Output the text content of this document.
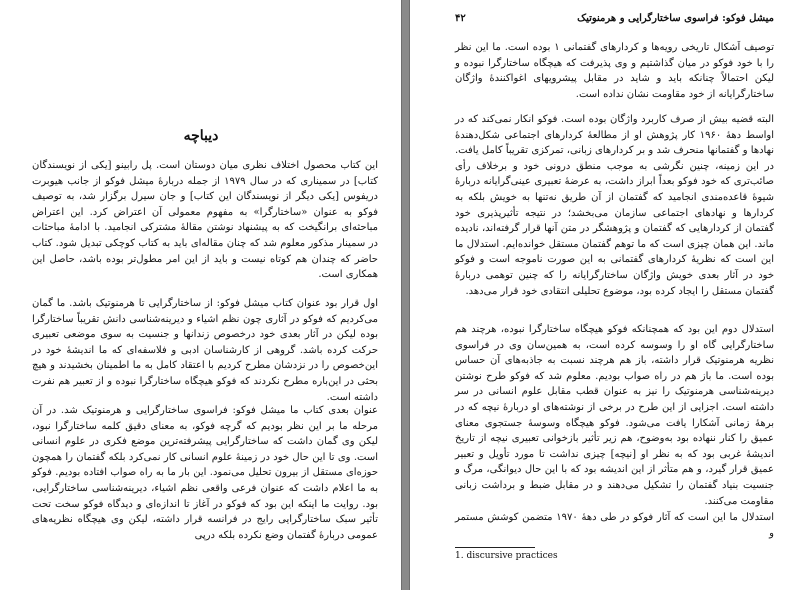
دیباچه
این کتاب محصول اختلاف نظری میان دوستان است. پل رابینو [یکی از نویسندگان کتاب] در سمیناری که در سال ۱۹۷۹ از جمله دربارهٔ میشل فوکو از جانب هیوبرت دریفوس [یکی دیگر از نویسندگان این کتاب] و جان سیرل برگزار شد، به توصیف فوکو به عنوان «ساختارگرا» به مفهوم معمولی آن اعتراض کرد. این اعتراض مباحثه‌ای برانگیخت که به پیشنهاد نوشتن مقالهٔ مشترکی انجامید. با ادامهٔ مباحثات در سمینار مذکور معلوم شد که چنان مقاله‌ای باید به کتاب کوچکی تبدیل شود. کتاب حاضر که چندان هم کوتاه نیست و باید از این امر مطول‌تر بوده باشد، حاصل این همکاری است.
اول قرار بود عنوان کتاب میشل فوکو: از ساختارگرایی تا هرمنوتیک باشد. ما گمان می‌کردیم که فوکو در آثاری چون نظم اشیاء و دیرینه‌شناسی دانش تقریباً ساختارگرا بوده لیکن در آثار بعدی خود درخصوص زندانها و جنسیت به سوی موضعی تعبیری حرکت کرده باشد. گروهی از کارشناسان ادبی و فلاسفه‌ای که ما اندیشهٔ خود در این‌خصوص را در نزدشان مطرح کردیم با اعتقاد کامل به ما اطمینان بخشیدند و هیچ بحثی در این‌باره مطرح نکردند که فوکو هیچگاه ساختارگرا نبوده و از تعبیر هم نفرت داشته است.
عنوان بعدی کتاب ما میشل فوکو: فراسوی ساختارگرایی و هرمنوتیک شد. در آن مرحله ما بر این نظر بودیم که گرچه فوکو، به معنای دقیق کلمه ساختارگرا نبود، لیکن وی گمان داشت که ساختارگرایی پیشرفته‌ترین موضع فکری در علوم انسانی است. وی تا این حال خود در زمینهٔ علوم انسانی کار نمی‌کرد بلکه گفتمان را همچون حوزه‌ای مستقل از بیرون تحلیل می‌نمود. این بار ما به راه صواب افتاده بودیم. فوکو به ما اعلام داشت که عنوان فرعی واقعی نظم اشیاء، دیرینه‌شناسی ساختارگرایی، بود. روایت ما اینکه این بود که فوکو در آغاز تا اندازه‌ای و دیدگاه فوکو سخت تحت تأثیر سبک ساختارگرایی رایج در فرانسه قرار داشته، لیکن وی هیچگاه نظریه‌های عمومی دربارهٔ گفتمان وضع نکرده بلکه درپی
۴۲	میشل فوکو: فراسوی ساختارگرایی و هرمنوتیک
توصیف اَشکال تاریخی رویه‌ها و کردارهای گفتمانی ۱ بوده است. ما این نظر را با خود فوکو در میان گذاشتیم و وی پذیرفت که هیچگاه ساختارگرا نبوده و لیکن احتمالاً چنانکه باید و شاید در مقابل پیشرویهای اغواکنندهٔ واژگان ساختارگرایانه از خود مقاومت نشان نداده است.
البته قضیه بیش از صرف کاربرد واژگان بوده است. فوکو انکار نمی‌کند که در اواسط دههٔ ۱۹۶۰ کار پژوهش او از مطالعهٔ کردارهای اجتماعی شکل‌دهندهٔ نهادها و گفتمانها منحرف شد و بر کردارهای زبانی، تمرکزی تقریباً کامل یافت. در این زمینه، چنین نگرشی به موجب منطق درونی خود و برخلاف رأی صائب‌تری که خود فوکو بعداً ابراز داشت، به عرضهٔ تعبیری عینی‌گرایانه دربارهٔ شیوهٔ قاعده‌مندی انجامید که گفتمان از آن طریق نه‌تنها به خویش بلکه به کردارها و نهادهای اجتماعی سازمان می‌بخشد؛ در نتیجه تأثیرپذیری خود گفتمان از کردارهایی که گفتمان و پژوهشگر در متن آنها قرار گرفته‌اند، نادیده ماند. این همان چیزی است که ما توهم گفتمان مستقل خوانده‌ایم. استدلال ما این است که نظریهٔ کردارهای گفتمانی به این صورت ناموجه است و فوکو خود در آثار بعدی خویش واژگان ساختارگرایانه را که چنین توهمی دربارهٔ گفتمان مستقل را ایجاد کرده بود، موضوع تحلیلی انتقادی خود قرار می‌دهد.
استدلال دوم این بود که همچنانکه فوکو هیچگاه ساختارگرا نبوده، هرچند هم ساختارگرایی گاه او را وسوسه کرده است، به همین‌سان وی در فراسوی نظریه هرمنوتیک قرار داشته، باز هم هرچند نسبت به جاذبه‌های آن حساس بوده است. ما باز هم در راه صواب بودیم. معلوم شد که فوکو طرح نوشتن دیرینه‌شناسی هرمنوتیک را نیز به عنوان قطب مقابل علوم انسانی در سر داشته است. اجزایی از این طرح در برخی از نوشته‌های او دربارهٔ نیچه که در برههٔ زمانی آشکارا یافت می‌شود. فوکو هیچگاه وسوسهٔ جستجوی معنای عمیق را کنار ننهاده بود به‌وضوح، هم زیر تأثیر بازخوانی تعبیری نیچه از تاریخ اندیشهٔ غربی بود که به نظر او [نیچه] چیزی نداشت تا مورد تأویل و تعبیر عمیق قرار گیرد، و هم متأثر از این اندیشه بود که با این حال دیوانگی، مرگ و جنسیت بنیاد گفتمان را تشکیل می‌دهند و در مقابل ضبط و برداشت زبانی مقاومت می‌کنند.
استدلال ما این است که آثار فوکو در طی دههٔ ۱۹۷۰ متضمن کوشش مستمر و
1. discursive practices
